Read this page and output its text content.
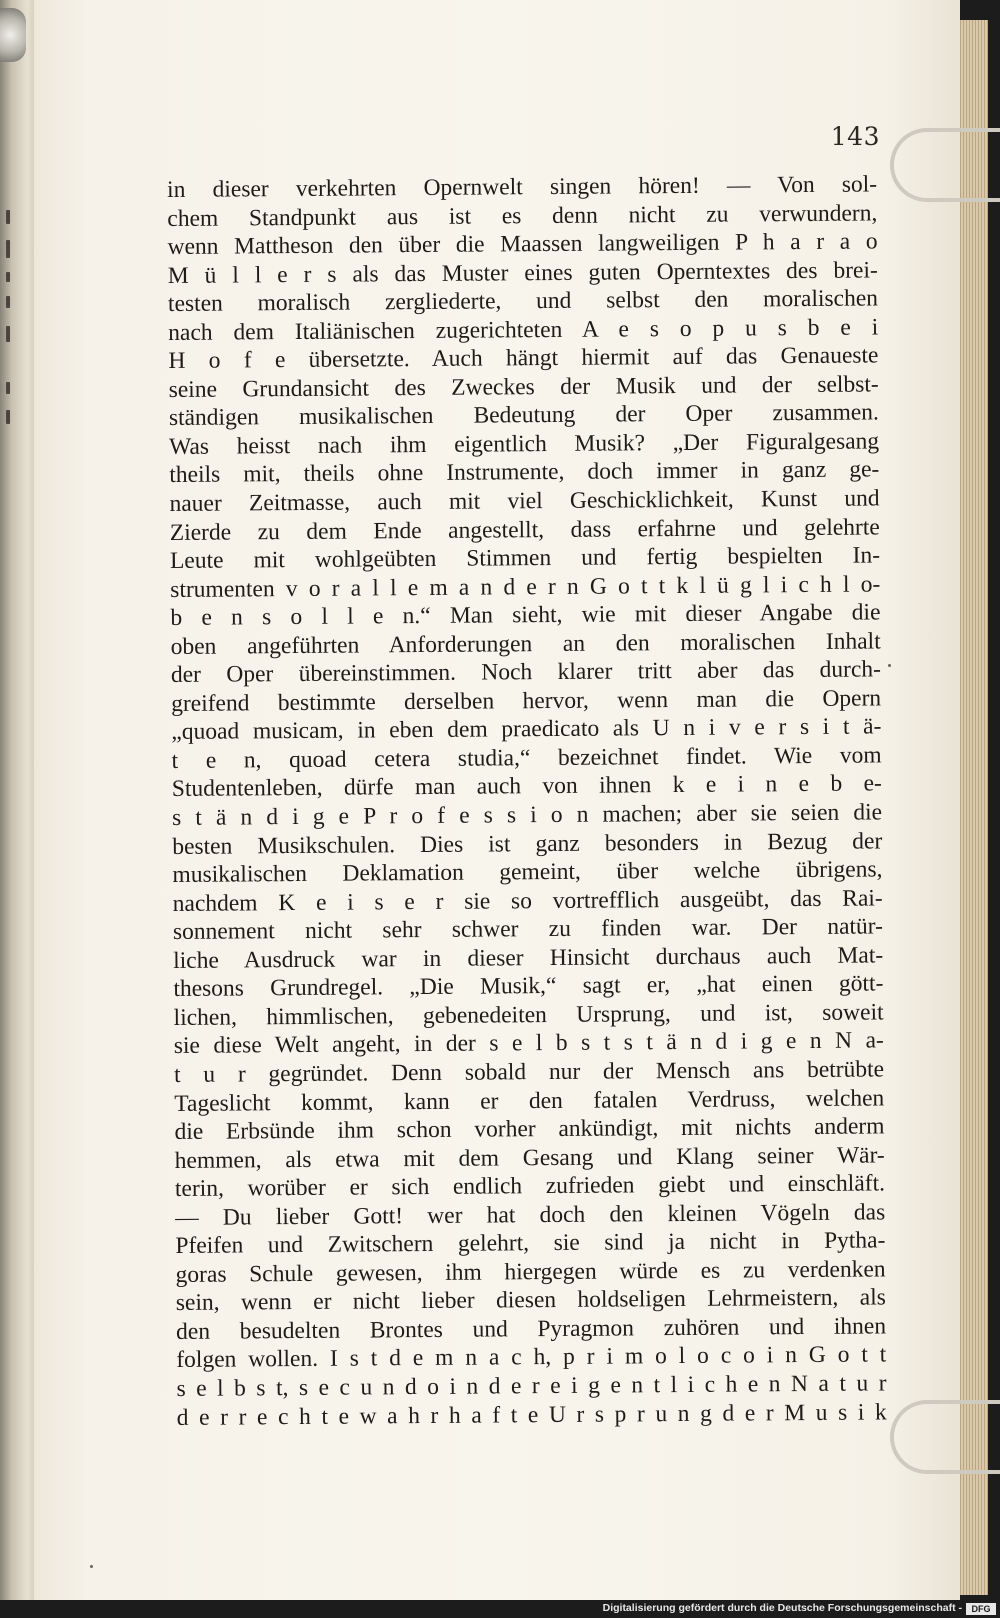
143
in dieser verkehrten Opernwelt singen hören! — Von sol-
chem Standpunkt aus ist es denn nicht zu verwundern,
wenn Mattheson den über die Maassen langweiligen P h a r a o
M ü l l e r s als das Muster eines guten Operntextes des brei-
testen moralisch zergliederte, und selbst den moralischen
nach dem Italiänischen zugerichteten A e s o p u s b e i
H o f e übersetzte. Auch hängt hiermit auf das Genaueste
seine Grundansicht des Zweckes der Musik und der selbst-
ständigen musikalischen Bedeutung der Oper zusammen.
Was heisst nach ihm eigentlich Musik? „Der Figuralgesang
theils mit, theils ohne Instrumente, doch immer in ganz ge-
nauer Zeitmasse, auch mit viel Geschicklichkeit, Kunst und
Zierde zu dem Ende angestellt, dass erfahrne und gelehrte
Leute mit wohlgeübten Stimmen und fertig bespielten In-
strumenten v o r a l l e m a n d e r n G o t t k l ü g l i c h l o-
b e n s o l l e n.“ Man sieht, wie mit dieser Angabe die
oben angeführten Anforderungen an den moralischen Inhalt
der Oper übereinstimmen. Noch klarer tritt aber das durch-
greifend bestimmte derselben hervor, wenn man die Opern
„quoad musicam, in eben dem praedicato als U n i v e r s i t ä-
t e n, quoad cetera studia,“ bezeichnet findet. Wie vom
Studentenleben, dürfe man auch von ihnen k e i n e b e-
s t ä n d i g e P r o f e s s i o n machen; aber sie seien die
besten Musikschulen. Dies ist ganz besonders in Bezug der
musikalischen Deklamation gemeint, über welche übrigens,
nachdem K e i s e r sie so vortrefflich ausgeübt, das Rai-
sonnement nicht sehr schwer zu finden war. Der natür-
liche Ausdruck war in dieser Hinsicht durchaus auch Mat-
thesons Grundregel. „Die Musik,“ sagt er, „hat einen gött-
lichen, himmlischen, gebenedeiten Ursprung, und ist, soweit
sie diese Welt angeht, in der s e l b s t s t ä n d i g e n N a-
t u r gegründet. Denn sobald nur der Mensch ans betrübte
Tageslicht kommt, kann er den fatalen Verdruss, welchen
die Erbsünde ihm schon vorher ankündigt, mit nichts anderm
hemmen, als etwa mit dem Gesang und Klang seiner Wär-
terin, worüber er sich endlich zufrieden giebt und einschläft.
— Du lieber Gott! wer hat doch den kleinen Vögeln das
Pfeifen und Zwitschern gelehrt, sie sind ja nicht in Pytha-
goras Schule gewesen, ihm hiergegen würde es zu verdenken
sein, wenn er nicht lieber diesen holdseligen Lehrmeistern, als
den besudelten Brontes und Pyragmon zuhören und ihnen
folgen wollen. I s t d e m n a c h, p r i m o l o c o i n G o t t
s e l b s t, s e c u n d o i n d e r e i g e n t l i c h e n N a t u r
d e r r e c h t e w a h r h a f t e U r s p r u n g d e r M u s i k
Digitalisierung gefördert durch die Deutsche Forschungsgemeinschaft -	DFG
